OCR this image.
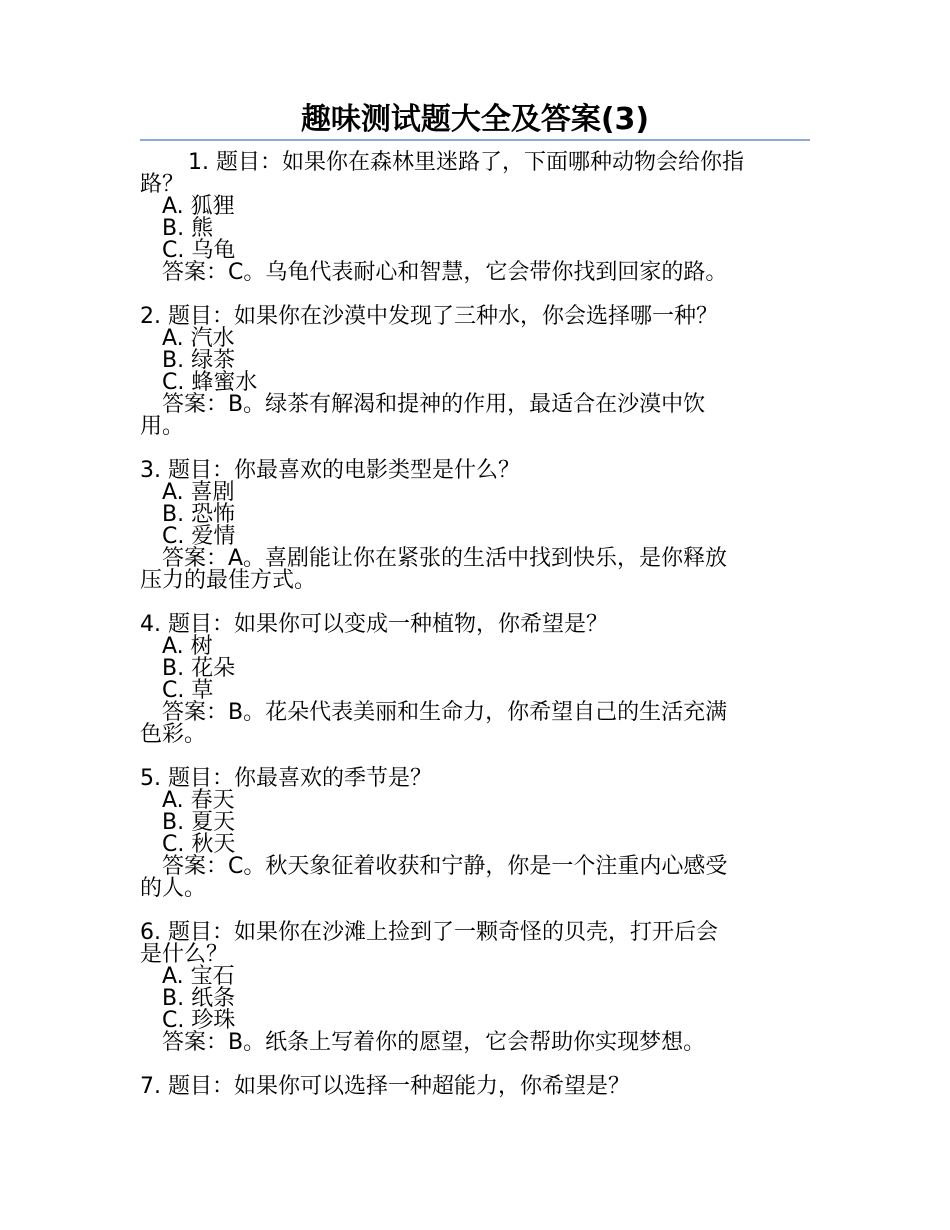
趣味测试题大全及答案(3)
1. 题目：如果你在森林里迷路了，下面哪种动物会给你指
路？
A. 狐狸
B. 熊
C. 乌龟
答案：C。乌龟代表耐心和智慧，它会带你找到回家的路。
2. 题目：如果你在沙漠中发现了三种水，你会选择哪一种？
A. 汽水
B. 绿茶
C. 蜂蜜水
答案：B。绿茶有解渴和提神的作用，最适合在沙漠中饮
用。
3. 题目：你最喜欢的电影类型是什么？
A. 喜剧
B. 恐怖
C. 爱情
答案：A。喜剧能让你在紧张的生活中找到快乐，是你释放
压力的最佳方式。
4. 题目：如果你可以变成一种植物，你希望是？
A. 树
B. 花朵
C. 草
答案：B。花朵代表美丽和生命力，你希望自己的生活充满
色彩。
5. 题目：你最喜欢的季节是？
A. 春天
B. 夏天
C. 秋天
答案：C。秋天象征着收获和宁静，你是一个注重内心感受
的人。
6. 题目：如果你在沙滩上捡到了一颗奇怪的贝壳，打开后会
是什么？
A. 宝石
B. 纸条
C. 珍珠
答案：B。纸条上写着你的愿望，它会帮助你实现梦想。
7. 题目：如果你可以选择一种超能力，你希望是？
